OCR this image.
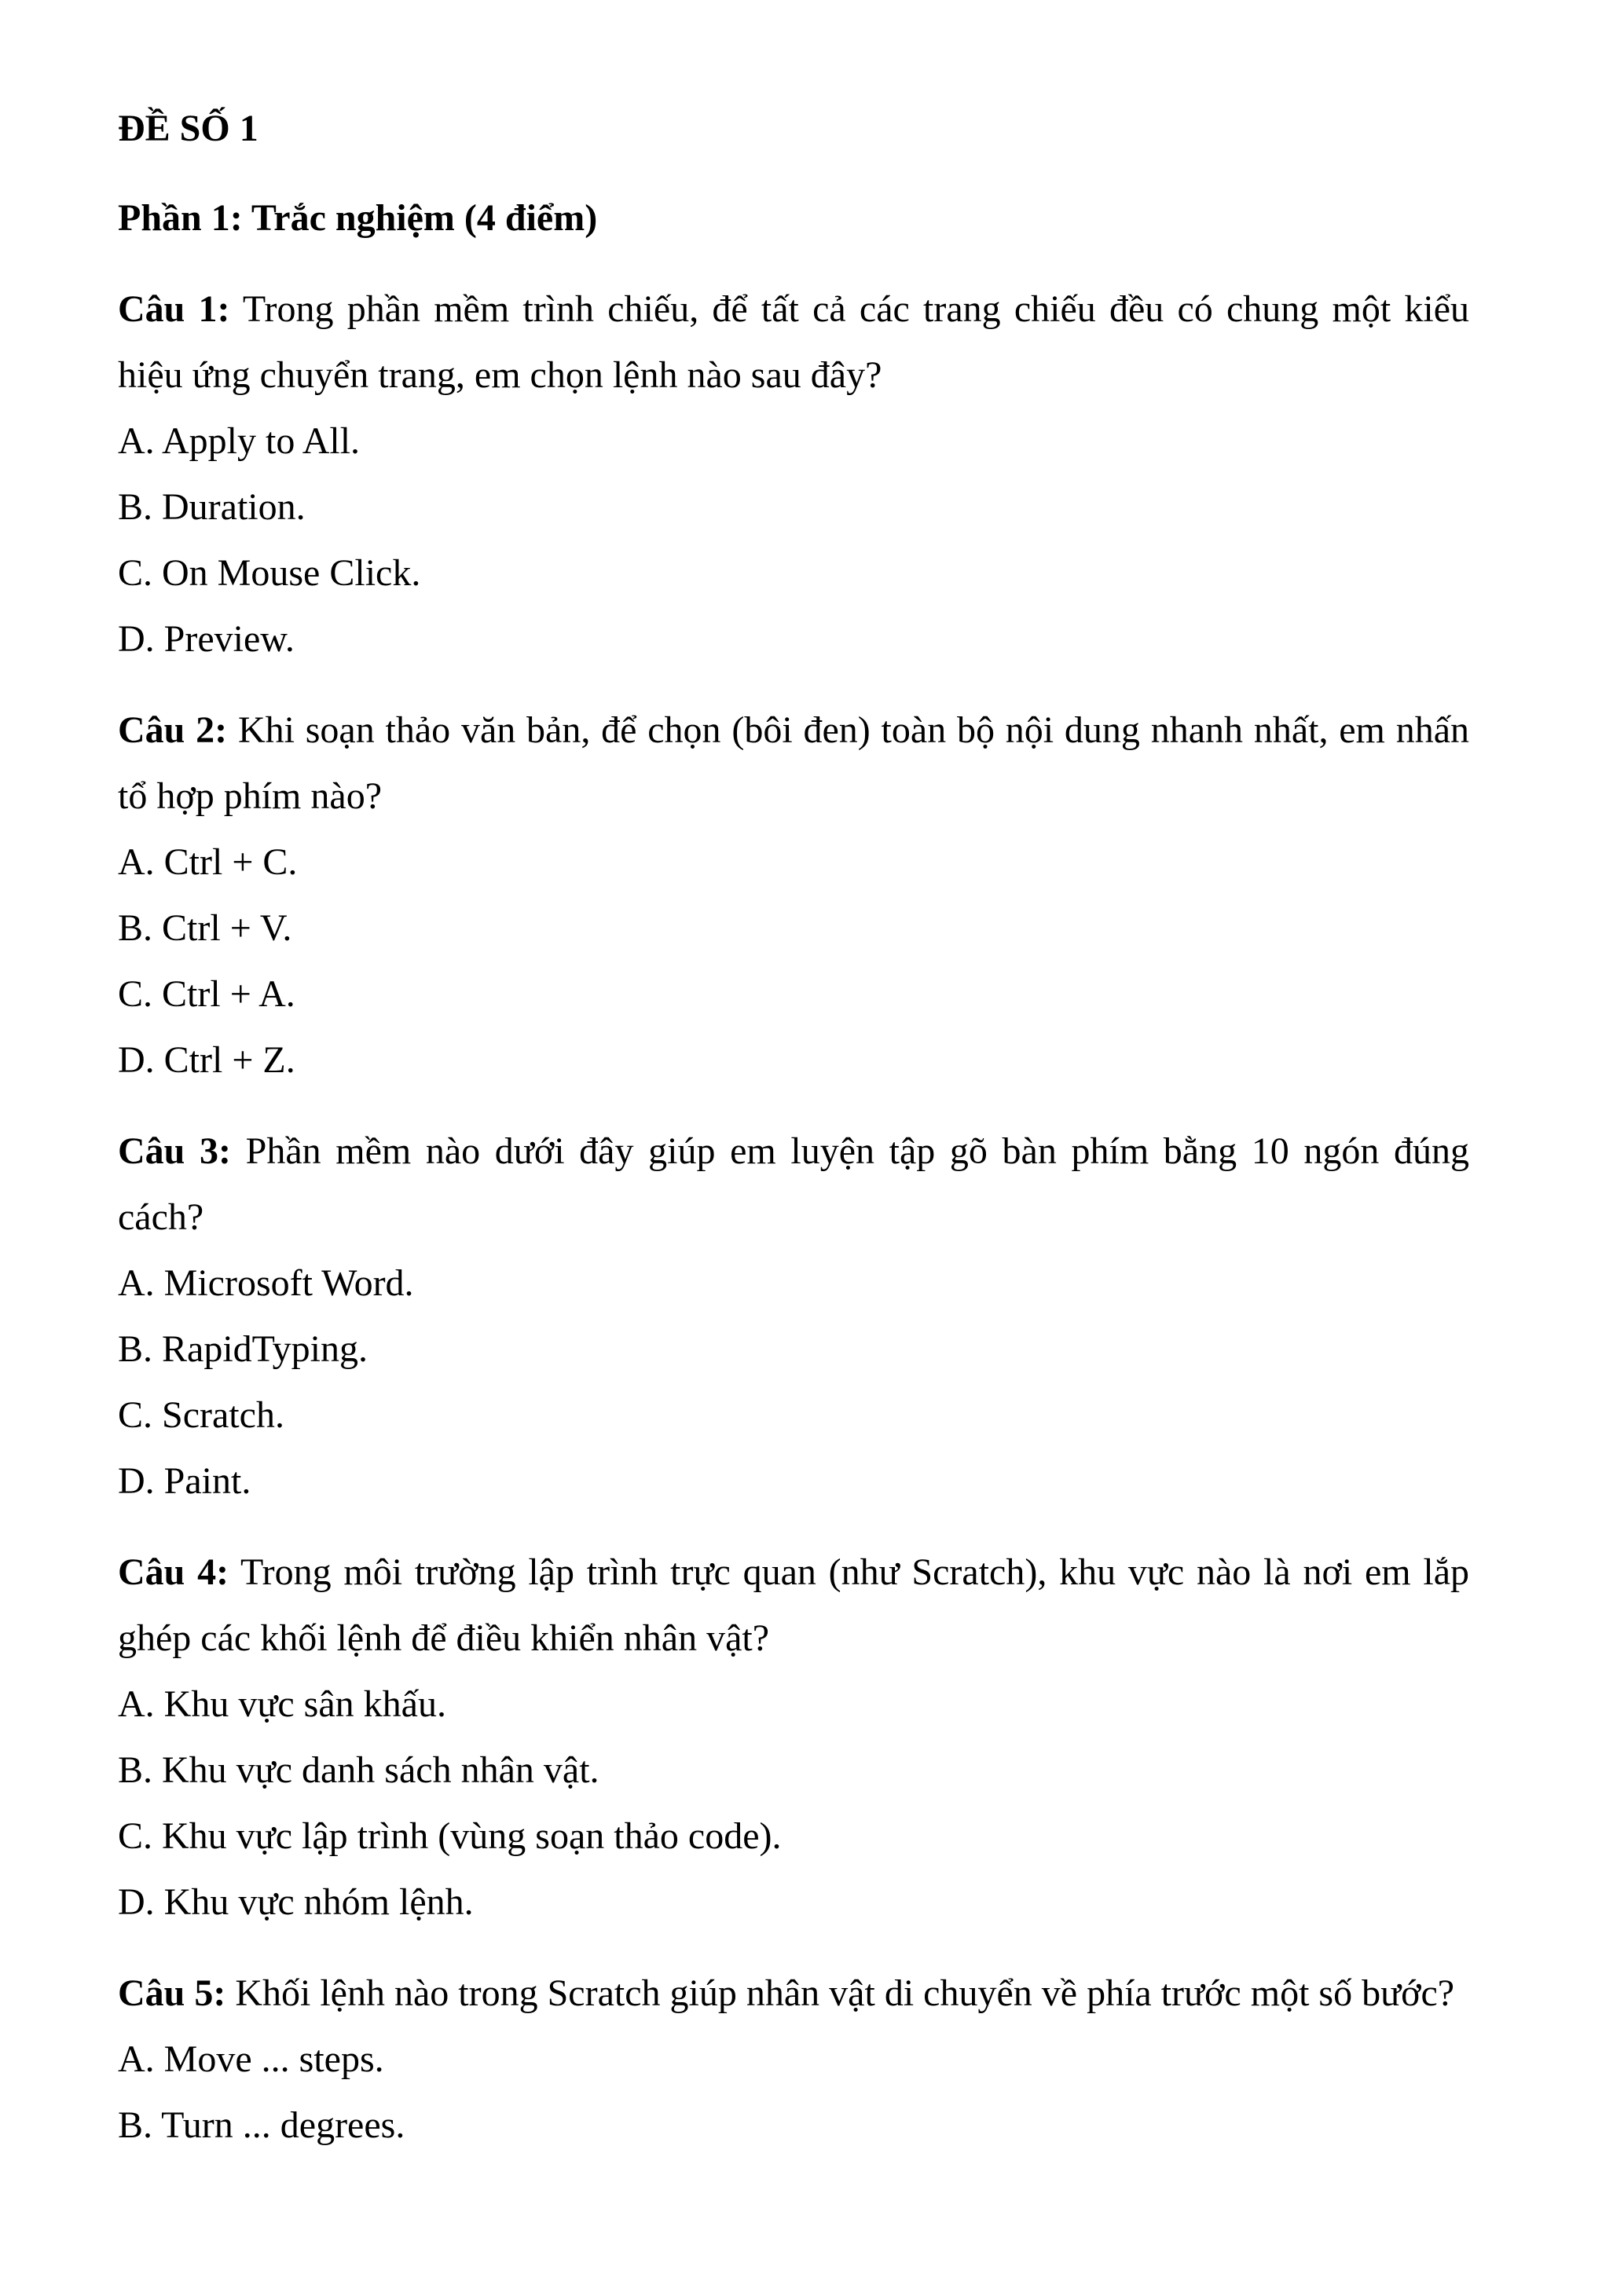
ĐỀ SỐ 1

Phần 1: Trắc nghiệm (4 điểm)

Câu 1: Trong phần mềm trình chiếu, để tất cả các trang chiếu đều có chung một kiểu hiệu ứng chuyển trang, em chọn lệnh nào sau đây?

A. Apply to All.

B. Duration.

C. On Mouse Click.

D. Preview.

Câu 2: Khi soạn thảo văn bản, để chọn (bôi đen) toàn bộ nội dung nhanh nhất, em nhấn tổ hợp phím nào?

A. Ctrl + C.

B. Ctrl + V.

C. Ctrl + A.

D. Ctrl + Z.

Câu 3: Phần mềm nào dưới đây giúp em luyện tập gõ bàn phím bằng 10 ngón đúng cách?

A. Microsoft Word.

B. RapidTyping.

C. Scratch.

D. Paint.

Câu 4: Trong môi trường lập trình trực quan (như Scratch), khu vực nào là nơi em lắp ghép các khối lệnh để điều khiển nhân vật?

A. Khu vực sân khấu.

B. Khu vực danh sách nhân vật.

C. Khu vực lập trình (vùng soạn thảo code).

D. Khu vực nhóm lệnh.

Câu 5: Khối lệnh nào trong Scratch giúp nhân vật di chuyển về phía trước một số bước?

A. Move ... steps.

B. Turn ... degrees.
